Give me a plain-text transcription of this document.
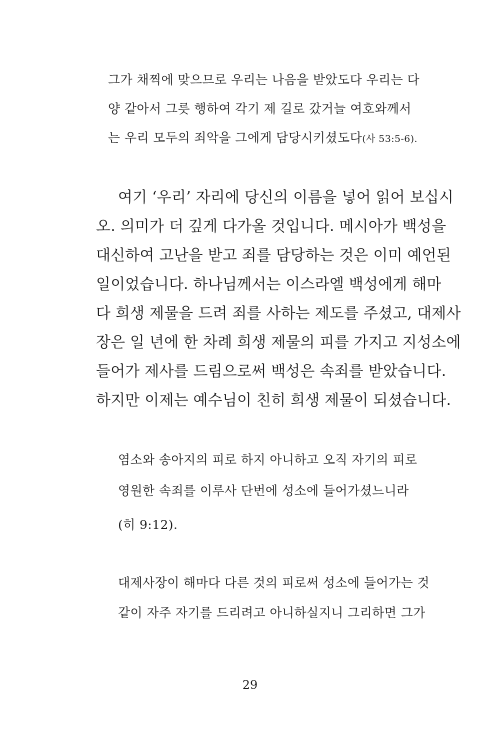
그가 채찍에 맞으므로 우리는 나음을 받았도다 우리는 다
양 같아서 그릇 행하여 각기 제 길로 갔거늘 여호와께서
는 우리 모두의 죄악을 그에게 담당시키셨도다(사 53:5-6).
여기 ‘우리’ 자리에 당신의 이름을 넣어 읽어 보십시
오. 의미가 더 깊게 다가올 것입니다. 메시아가 백성을
대신하여 고난을 받고 죄를 담당하는 것은 이미 예언된
일이었습니다. 하나님께서는 이스라엘 백성에게 해마
다 희생 제물을 드려 죄를 사하는 제도를 주셨고, 대제사
장은 일 년에 한 차례 희생 제물의 피를 가지고 지성소에
들어가 제사를 드림으로써 백성은 속죄를 받았습니다.
하지만 이제는 예수님이 친히 희생 제물이 되셨습니다.
염소와 송아지의 피로 하지 아니하고 오직 자기의 피로
영원한 속죄를 이루사 단번에 성소에 들어가셨느니라
(히 9:12).
대제사장이 해마다 다른 것의 피로써 성소에 들어가는 것
같이 자주 자기를 드리려고 아니하실지니 그리하면 그가
29
